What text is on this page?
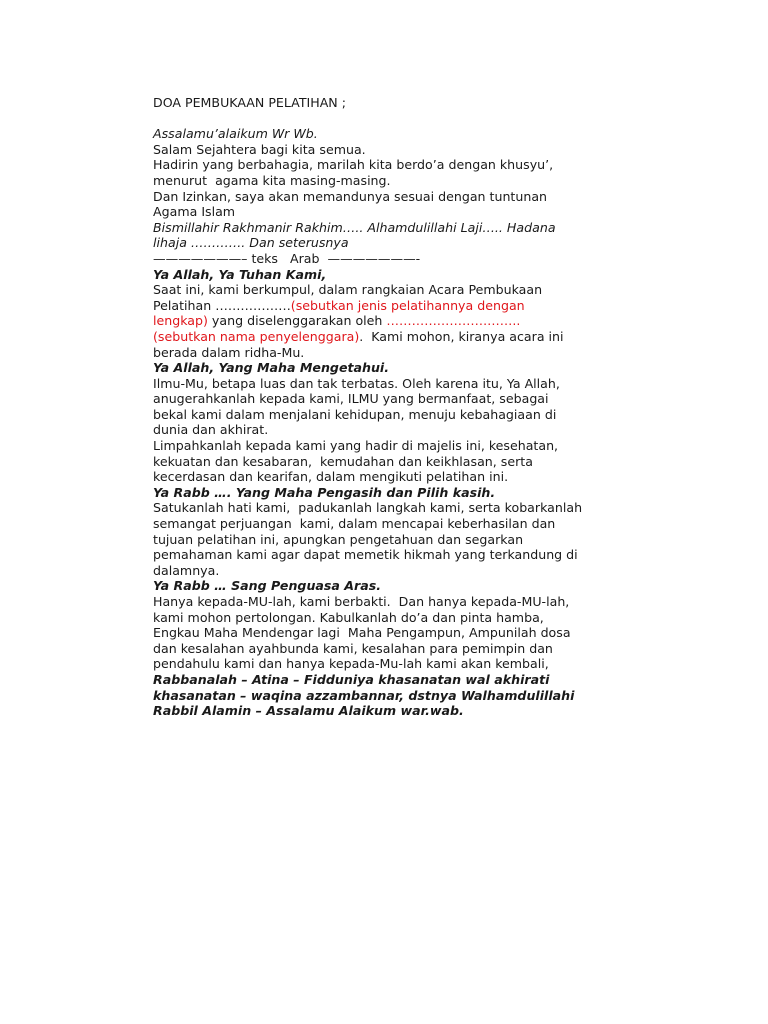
DOA PEMBUKAAN PELATIHAN ;
Assalamu’alaikum Wr Wb.
Salam Sejahtera bagi kita semua.
Hadirin yang berbahagia, marilah kita berdo’a dengan khusyu’, menurut  agama kita masing-masing.
Dan Izinkan, saya akan memandunya sesuai dengan tuntunan Agama Islam
Bismillahir Rakhmanir Rakhim….. Alhamdulillahi Laji….. Hadana lihaja …………. Dan seterusnya
———————– teks   Arab  ———————-
Ya Allah, Ya Tuhan Kami,
Saat ini, kami berkumpul, dalam rangkaian Acara Pembukaan Pelatihan ………………(sebutkan jenis pelatihannya dengan lengkap) yang diselenggarakan oleh …………………………..(sebutkan nama penyelenggara).  Kami mohon, kiranya acara ini berada dalam ridha-Mu.
Ya Allah, Yang Maha Mengetahui.
Ilmu-Mu, betapa luas dan tak terbatas. Oleh karena itu, Ya Allah, anugerahkanlah kepada kami, ILMU yang bermanfaat, sebagai bekal kami dalam menjalani kehidupan, menuju kebahagiaan di dunia dan akhirat.
Limpahkanlah kepada kami yang hadir di majelis ini, kesehatan, kekuatan dan kesabaran,  kemudahan dan keikhlasan, serta kecerdasan dan kearifan, dalam mengikuti pelatihan ini.
Ya Rabb …. Yang Maha Pengasih dan Pilih kasih.
Satukanlah hati kami,  padukanlah langkah kami, serta kobarkanlah semangat perjuangan  kami, dalam mencapai keberhasilan dan tujuan pelatihan ini, apungkan pengetahuan dan segarkan pemahaman kami agar dapat memetik hikmah yang terkandung di dalamnya.
Ya Rabb … Sang Penguasa Aras.
Hanya kepada-MU-lah, kami berbakti.  Dan hanya kepada-MU-lah, kami mohon pertolongan. Kabulkanlah do’a dan pinta hamba,  Engkau Maha Mendengar lagi  Maha Pengampun, Ampunilah dosa dan kesalahan ayahbunda kami, kesalahan para pemimpin dan pendahulu kami dan hanya kepada-Mu-lah kami akan kembali,
Rabbanalah – Atina – Fidduniya khasanatan wal akhirati khasanatan – waqina azzambannar, dstnya Walhamdulillahi Rabbil Alamin – Assalamu Alaikum war.wab.
